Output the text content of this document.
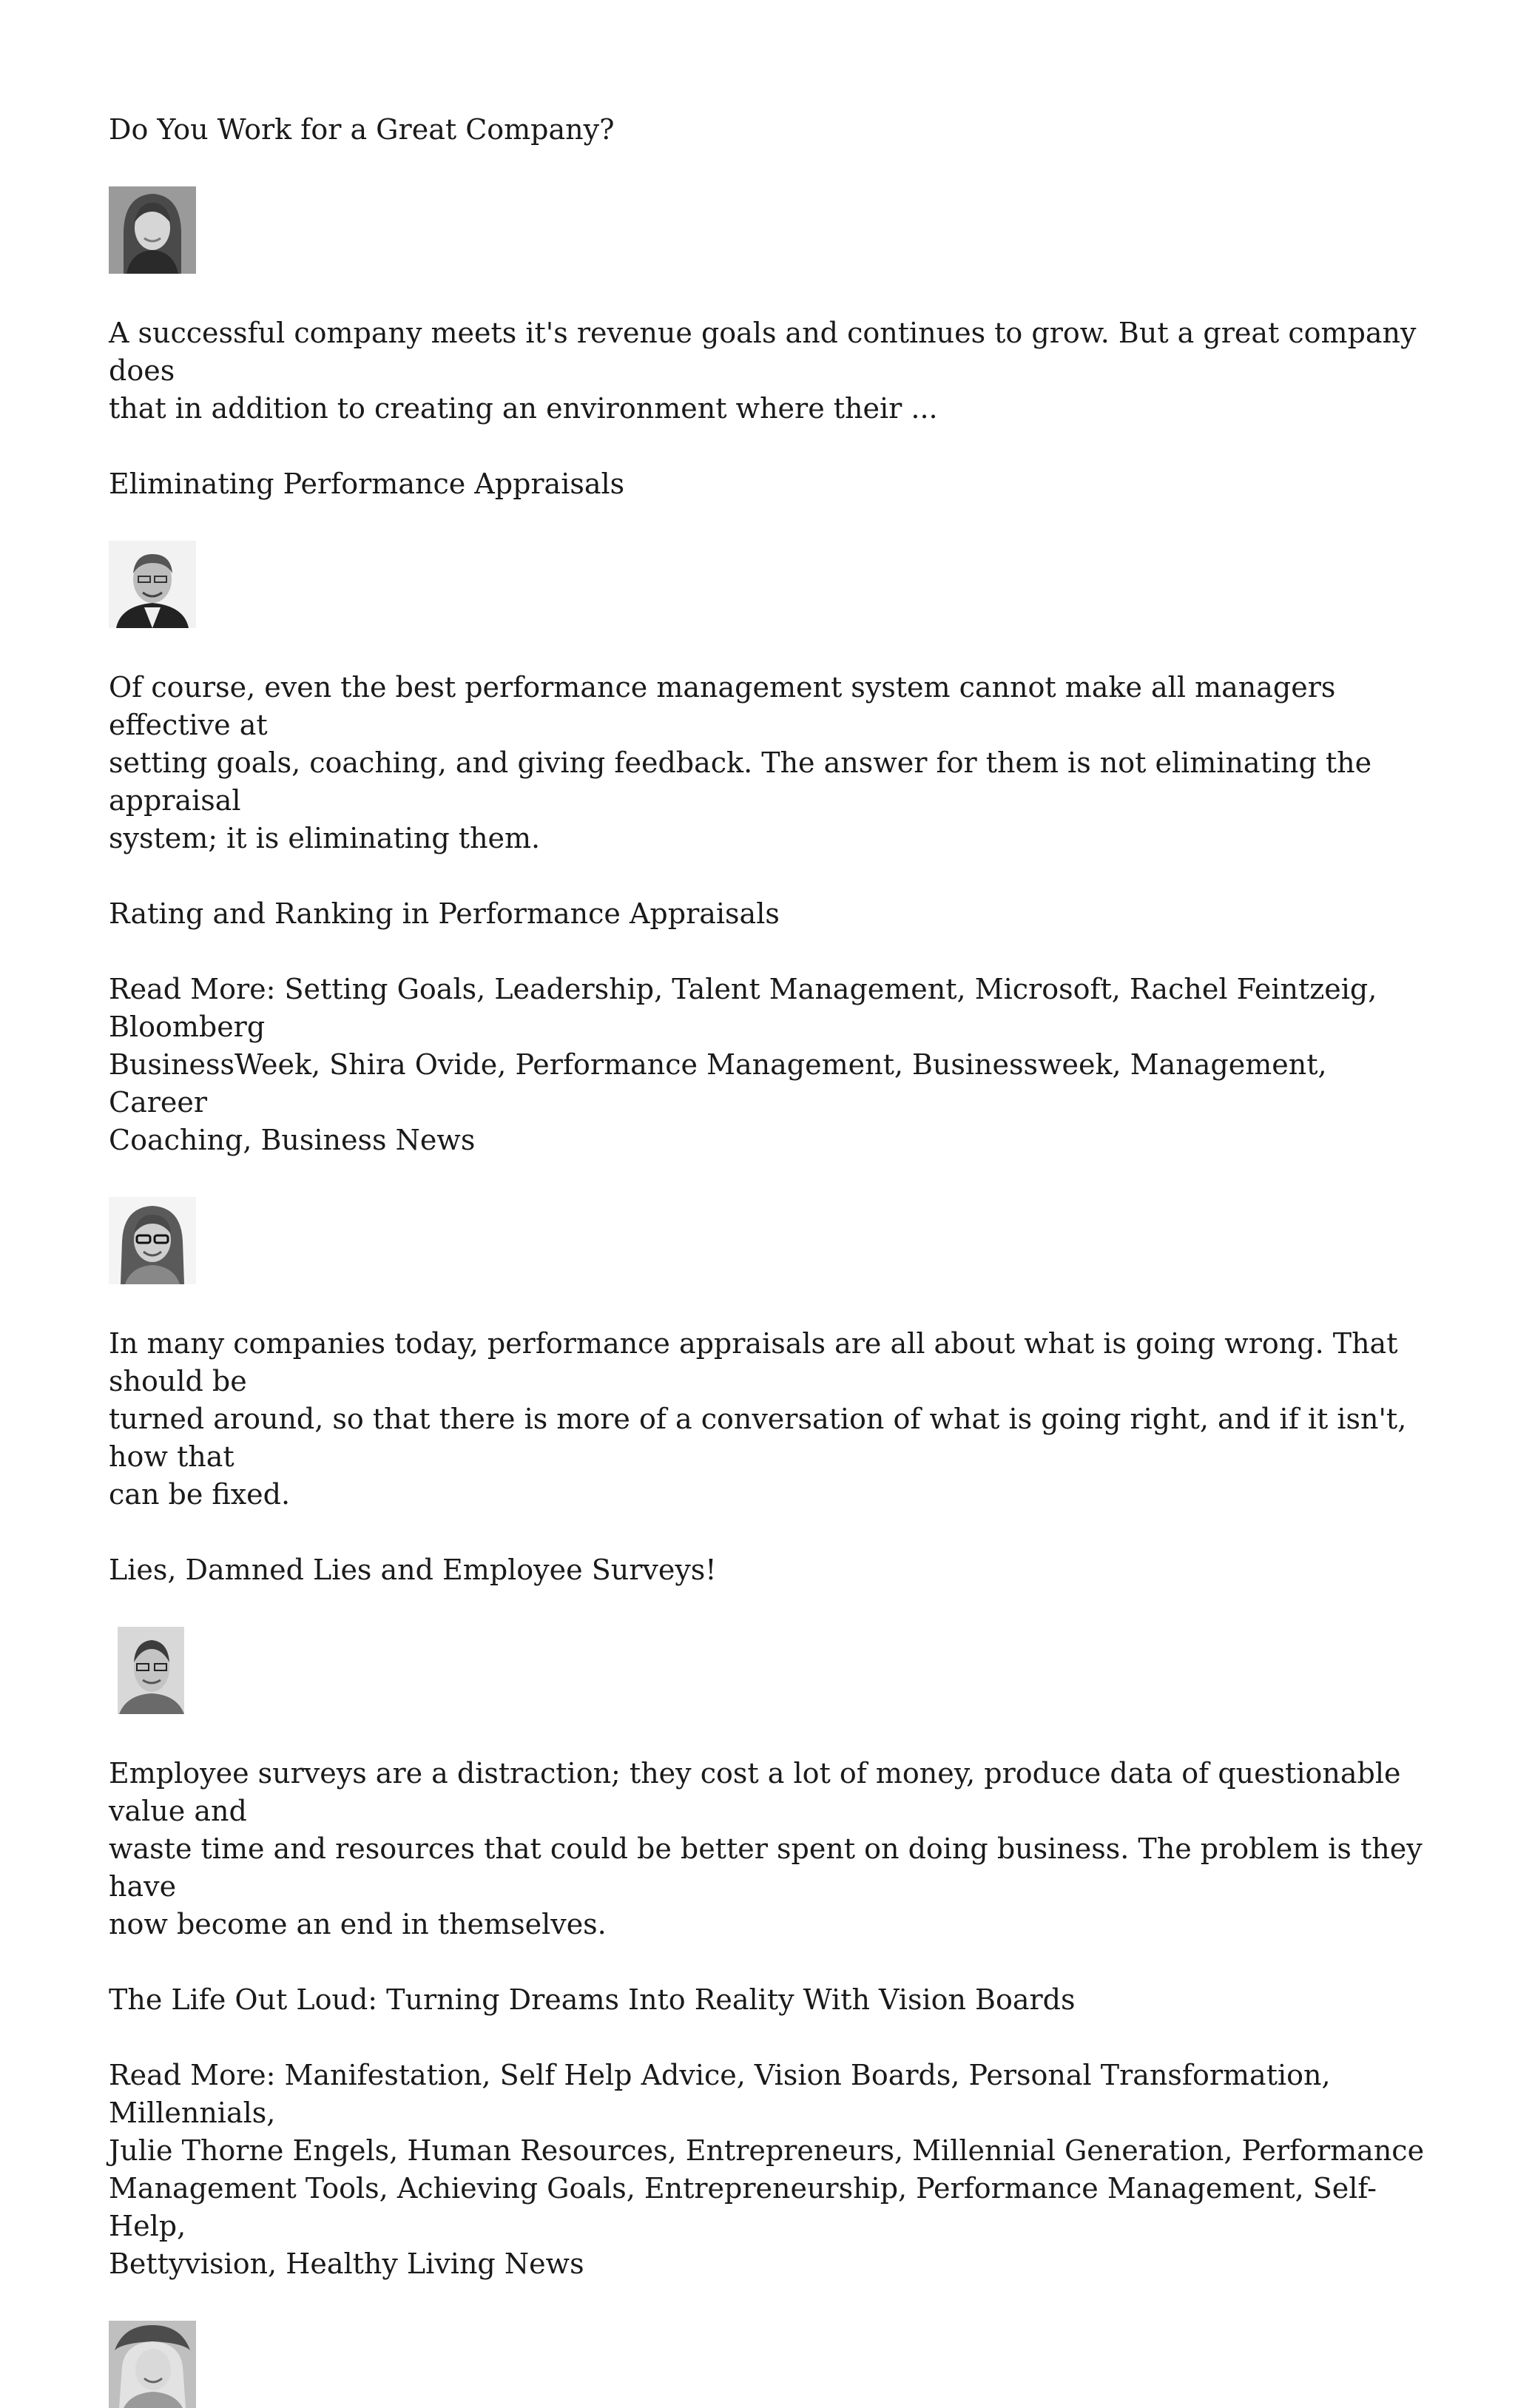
Do You Work for a Great Company?

A successful company meets it's revenue goals and continues to grow. But a great company does

that in addition to creating an environment where their ...

Eliminating Performance Appraisals

Of course, even the best performance management system cannot make all managers effective at

setting goals, coaching, and giving feedback. The answer for them is not eliminating the appraisal

system; it is eliminating them.

Rating and Ranking in Performance Appraisals

Read More: Setting Goals, Leadership, Talent Management, Microsoft, Rachel Feintzeig, Bloomberg

BusinessWeek, Shira Ovide, Performance Management, Businessweek, Management, Career

Coaching, Business News

In many companies today, performance appraisals are all about what is going wrong. That should be

turned around, so that there is more of a conversation of what is going right, and if it isn't, how that

can be fixed.

Lies, Damned Lies and Employee Surveys!

Employee surveys are a distraction; they cost a lot of money, produce data of questionable value and

waste time and resources that could be better spent on doing business. The problem is they have

now become an end in themselves.

The Life Out Loud: Turning Dreams Into Reality With Vision Boards

Read More: Manifestation, Self Help Advice, Vision Boards, Personal Transformation, Millennials,

Julie Thorne Engels, Human Resources, Entrepreneurs, Millennial Generation, Performance

Management Tools, Achieving Goals, Entrepreneurship, Performance Management, Self-Help,

Bettyvision, Healthy Living News
